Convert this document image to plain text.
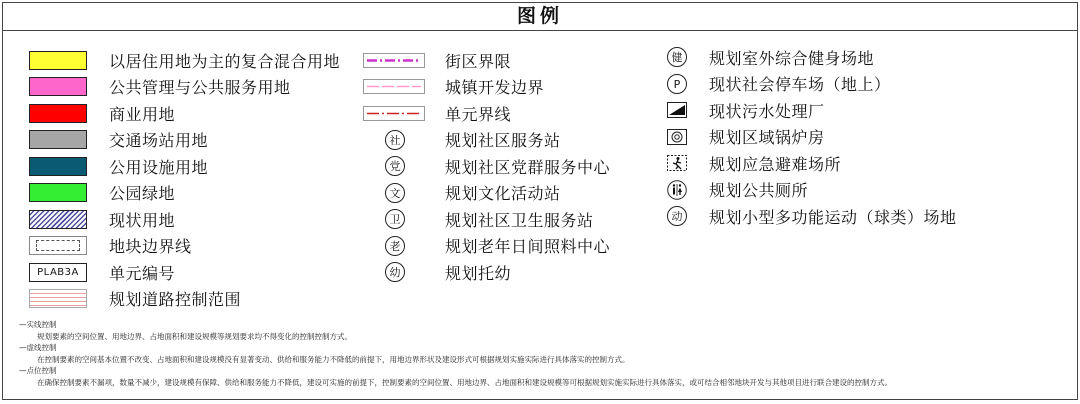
图例
以居住用地为主的复合混合用地
公共管理与公共服务用地
商业用地
交通场站用地
公用设施用地
公园绿地
现状用地
地块边界线
PLAB3A	单元编号
规划道路控制范围
街区界限
城镇开发边界
单元界线
社	规划社区服务站
党	规划社区党群服务中心
文	规划文化活动站
卫	规划社区卫生服务站
老	规划老年日间照料中心
幼	规划托幼
健 规划室外综合健身场地
P	现状社会停车场（地上）
现状污水处理厂
规划区域锅炉房
规划应急避难场所
规划公共厕所
动 规划小型多功能运动（球类）场地
—实线控制
规划要素的空间位置、用地边界、占地面积和建设规模等规划要求均不得变化的控制控制方式。
—虚线控制
在控制要素的空间基本位置不改变、占地面积和建设规模没有显著变动、供给和服务能力不降低的前提下，用地边界形状及建设形式可根据规划实施实际进行具体落实的控制方式。
—点位控制
在确保控制要素不漏项，数量不减少，建设规模有保障、供给和服务能力不降低，建设可实施的前提下，控制要素的空间位置、用地边界、占地面积和建设规模等可根据规划实施实际进行具体落实，或可结合相邻地块开发与其他项目进行联合建设的控制方式。
